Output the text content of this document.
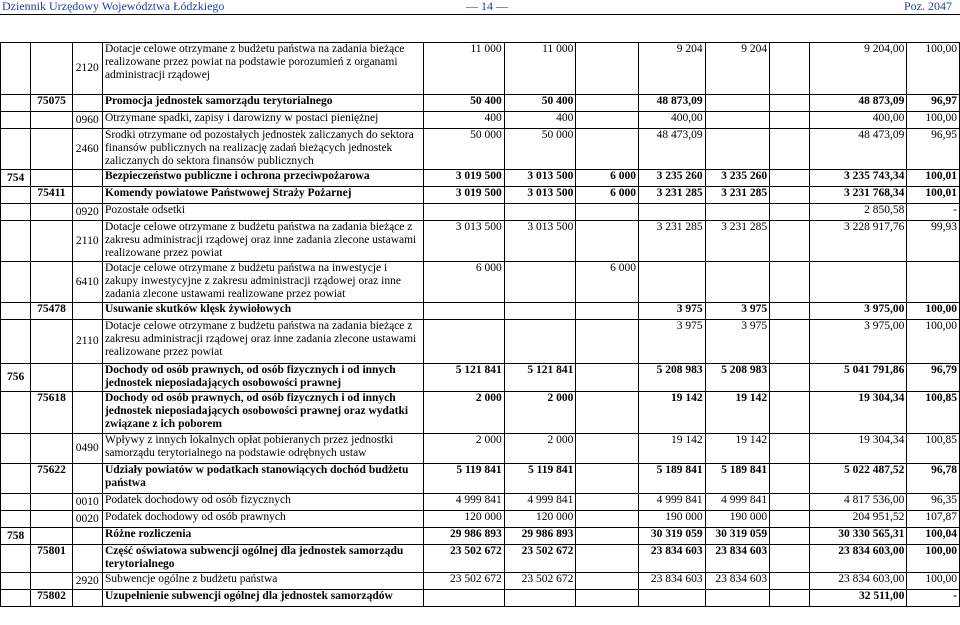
Dziennik Urzędowy Województwa Łódzkiego	— 14 —	Poz. 2047
		2120	Dotacje celowe otrzymane z budżetu państwa na zadania bieżące realizowane przez powiat na podstawie porozumień z organami administracji rządowej	11 000	11 000		9 204	9 204		9 204,00	100,00
	75075		Promocja jednostek samorządu terytorialnego	50 400	50 400		48 873,09			48 873,09	96,97
		0960	Otrzymane spadki, zapisy i darowizny w postaci pieniężnej	400	400		400,00			400,00	100,00
		2460	Środki otrzymane od pozostałych jednostek zaliczanych do sektora finansów publicznych na realizację zadań bieżących jednostek zaliczanych do sektora finansów publicznych	50 000	50 000		48 473,09			48 473,09	96,95
754			Bezpieczeństwo publiczne i ochrona przeciwpożarowa	3 019 500	3 013 500	6 000	3 235 260	3 235 260		3 235 743,34	100,01
	75411		Komendy powiatowe Państwowej Straży Pożarnej	3 019 500	3 013 500	6 000	3 231 285	3 231 285		3 231 768,34	100,01
		0920	Pozostałe odsetki							2 850,58	-
		2110	Dotacje celowe otrzymane z budżetu państwa na zadania bieżące z zakresu administracji rządowej oraz inne zadania zlecone ustawami realizowane przez powiat	3 013 500	3 013 500		3 231 285	3 231 285		3 228 917,76	99,93
		6410	Dotacje celowe otrzymane z budżetu państwa na inwestycje i zakupy inwestycyjne z zakresu administracji rządowej oraz inne zadania zlecone ustawami realizowane przez powiat	6 000		6 000					
	75478		Usuwanie skutków klęsk żywiołowych				3 975	3 975		3 975,00	100,00
		2110	Dotacje celowe otrzymane z budżetu państwa na zadania bieżące z zakresu administracji rządowej oraz inne zadania zlecone ustawami realizowane przez powiat				3 975	3 975		3 975,00	100,00
756			Dochody od osób prawnych, od osób fizycznych i od innych jednostek nieposiadających osobowości prawnej	5 121 841	5 121 841		5 208 983	5 208 983		5 041 791,86	96,79
	75618		Dochody od osób prawnych, od osób fizycznych i od innych jednostek nieposiadających osobowości prawnej oraz wydatki związane z ich poborem	2 000	2 000		19 142	19 142		19 304,34	100,85
		0490	Wpływy z innych lokalnych opłat pobieranych przez jednostki samorządu terytorialnego na podstawie odrębnych ustaw	2 000	2 000		19 142	19 142		19 304,34	100,85
	75622		Udziały powiatów w podatkach stanowiących dochód budżetu państwa	5 119 841	5 119 841		5 189 841	5 189 841		5 022 487,52	96,78
		0010	Podatek dochodowy od osób fizycznych	4 999 841	4 999 841		4 999 841	4 999 841		4 817 536,00	96,35
		0020	Podatek dochodowy od osób prawnych	120 000	120 000		190 000	190 000		204 951,52	107,87
758			Różne rozliczenia	29 986 893	29 986 893		30 319 059	30 319 059		30 330 565,31	100,04
	75801		Część oświatowa subwencji ogólnej dla jednostek samorządu terytorialnego	23 502 672	23 502 672		23 834 603	23 834 603		23 834 603,00	100,00
		2920	Subwencje ogólne z budżetu państwa	23 502 672	23 502 672		23 834 603	23 834 603		23 834 603,00	100,00
	75802		Uzupełnienie subwencji ogólnej dla jednostek samorządów							32 511,00	-
